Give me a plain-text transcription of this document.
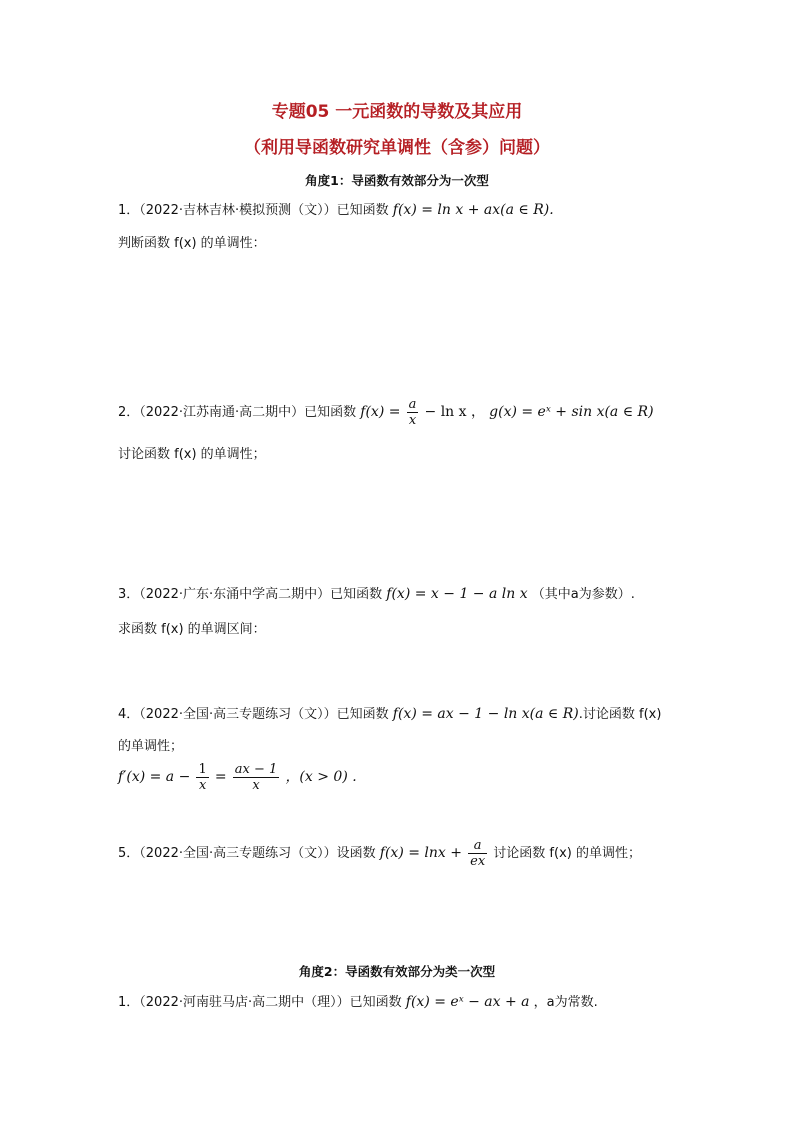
专题05 一元函数的导数及其应用
（利用导函数研究单调性（含参）问题）
角度1：导函数有效部分为一次型
1．（2022·吉林吉林·模拟预测（文））已知函数 f(x) = ln x + ax(a ∈ R).
判断函数 f(x) 的单调性：
2．（2022·江苏南通·高二期中）已知函数 $f(x) = \frac{a}{x} - \ln x$ ， g(x) = eˣ + sin x(a ∈ R)
讨论函数 f(x) 的单调性；
3．（2022·广东·东涌中学高二期中）已知函数 f(x) = x − 1 − a ln x （其中a为参数）.
求函数 f(x) 的单调区间：
4．（2022·全国·高三专题练习（文））已知函数 f(x) = ax − 1 − ln x(a ∈ R).讨论函数 f(x)
的单调性；
$f'(x) = a - \frac{1}{x} = \frac{ax - 1}{x}$ ，(x > 0) .
5．（2022·全国·高三专题练习（文））设函数 $f(x) = \ln x + \frac{a}{ex}$ 讨论函数 f(x) 的单调性；
角度2：导函数有效部分为类一次型
1．（2022·河南驻马店·高二期中（理））已知函数 f(x) = eˣ − ax + a ，a为常数.
